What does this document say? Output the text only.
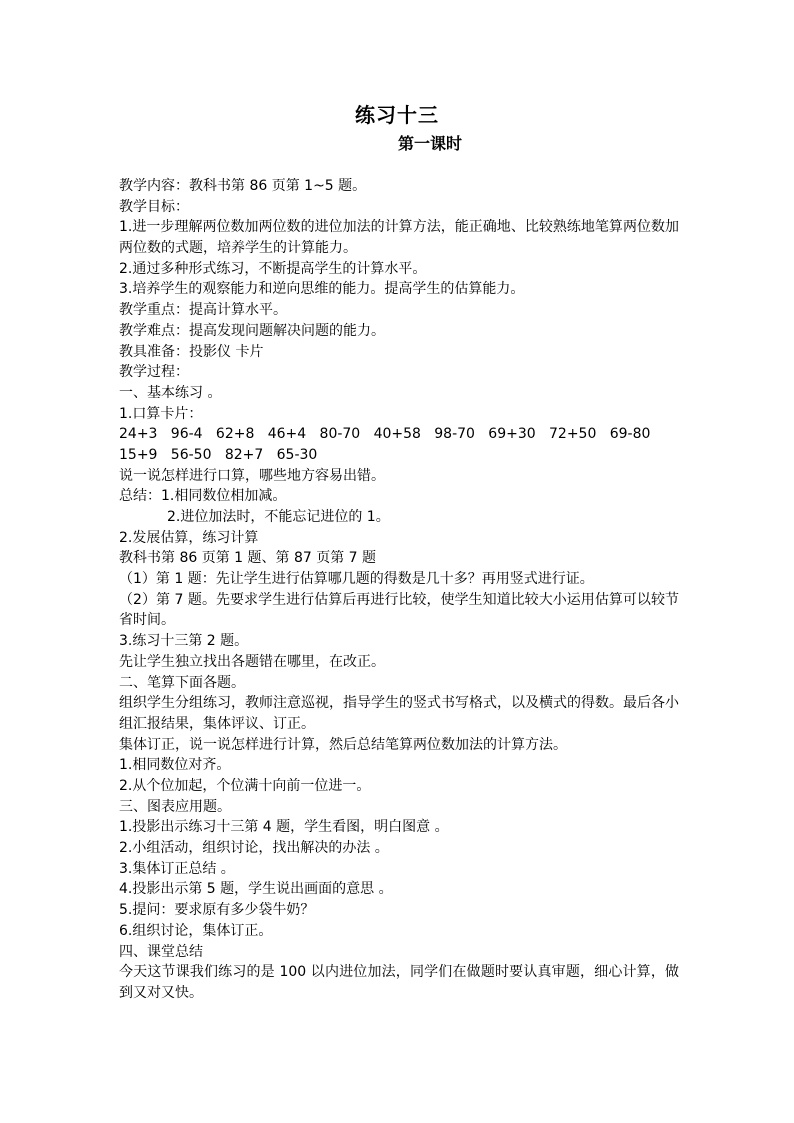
练习十三
第一课时
教学内容：教科书第 86 页第 1~5 题。
教学目标：
1.进一步理解两位数加两位数的进位加法的计算方法，能正确地、比较熟练地笔算两位数加两位数的式题，培养学生的计算能力。
2.通过多种形式练习，不断提高学生的计算水平。
3.培养学生的观察能力和逆向思维的能力。提高学生的估算能力。
教学重点：提高计算水平。
教学难点：提高发现问题解决问题的能力。
教具准备：投影仪 卡片
教学过程：
一、基本练习 。
1.口算卡片：
24+3   96-4   62+8   46+4   80-70   40+58   98-70   69+30   72+50   69-80
15+9   56-50   82+7   65-30
说一说怎样进行口算，哪些地方容易出错。
总结：1.相同数位相加减。
2.进位加法时，不能忘记进位的 1。
2.发展估算，练习计算
教科书第 86 页第 1 题、第 87 页第 7 题
（1）第 1 题：先让学生进行估算哪几题的得数是几十多？再用竖式进行证。
（2）第 7 题。先要求学生进行估算后再进行比较，使学生知道比较大小运用估算可以较节省时间。
3.练习十三第 2 题。
先让学生独立找出各题错在哪里，在改正。
二、笔算下面各题。
组织学生分组练习，教师注意巡视，指导学生的竖式书写格式，以及横式的得数。最后各小组汇报结果，集体评议、订正。
集体订正，说一说怎样进行计算，然后总结笔算两位数加法的计算方法。
1.相同数位对齐。
2.从个位加起，个位满十向前一位进一。
三、图表应用题。
1.投影出示练习十三第 4 题，学生看图，明白图意 。
2.小组活动，组织讨论，找出解决的办法 。
3.集体订正总结 。
4.投影出示第 5 题，学生说出画面的意思 。
5.提问：要求原有多少袋牛奶？
6.组织讨论，集体订正。
四、课堂总结
今天这节课我们练习的是 100 以内进位加法，同学们在做题时要认真审题，细心计算，做到又对又快。
